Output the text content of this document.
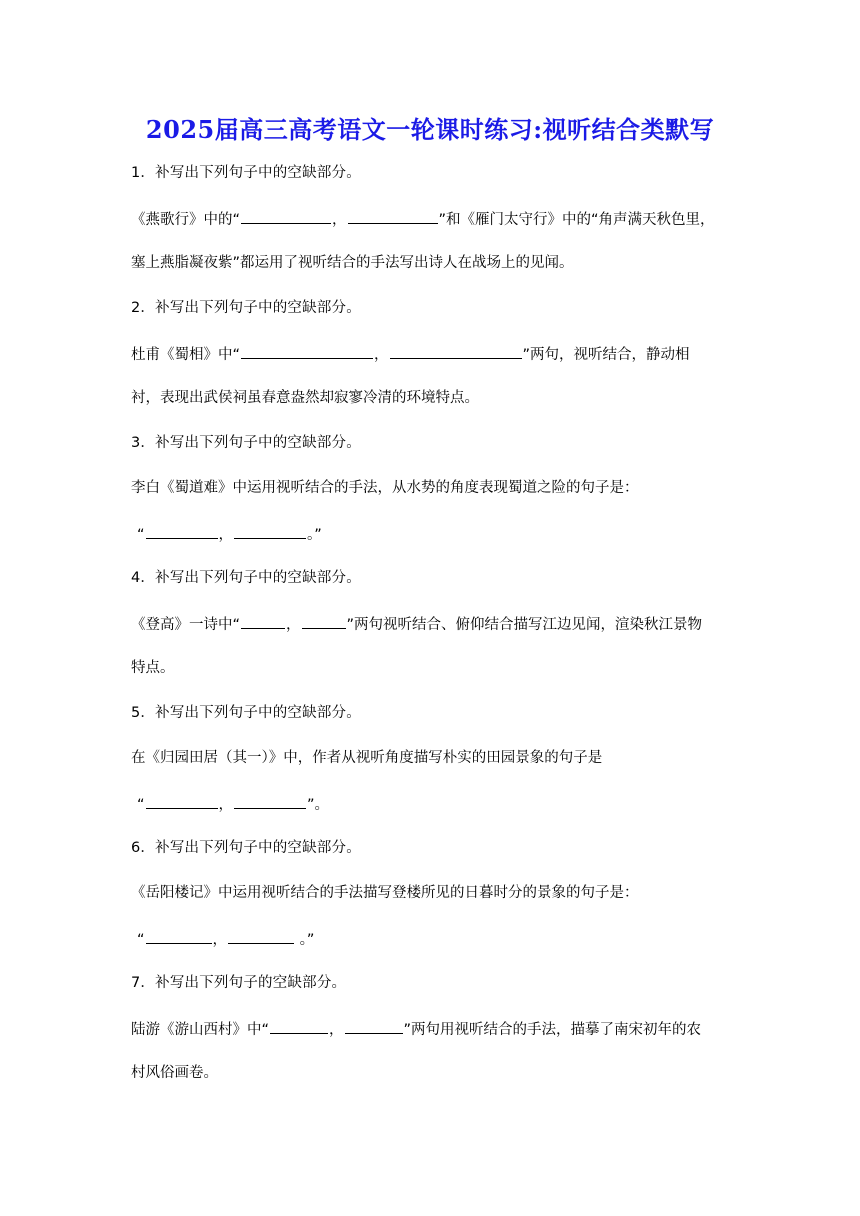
2025届高三高考语文一轮课时练习:视听结合类默写
1．补写出下列句子中的空缺部分。
《燕歌行》中的“	，	”和《雁门太守行》中的“角声满天秋色里，
塞上燕脂凝夜紫”都运用了视听结合的手法写出诗人在战场上的见闻。
2．补写出下列句子中的空缺部分。
杜甫《蜀相》中“	，	”两句，视听结合，静动相
衬，表现出武侯祠虽春意盎然却寂寥冷清的环境特点。
3．补写出下列句子中的空缺部分。
李白《蜀道难》中运用视听结合的手法，从水势的角度表现蜀道之险的句子是：
“	，	。”
4．补写出下列句子中的空缺部分。
《登高》一诗中“	，	”两句视听结合、俯仰结合描写江边见闻，渲染秋江景物
特点。
5．补写出下列句子中的空缺部分。
在《归园田居（其一）》中，作者从视听角度描写朴实的田园景象的句子是
“	，	”。
6．补写出下列句子中的空缺部分。
《岳阳楼记》中运用视听结合的手法描写登楼所见的日暮时分的景象的句子是：
“	，	。”
7．补写出下列句子的空缺部分。
陆游《游山西村》中“	，	”两句用视听结合的手法，描摹了南宋初年的农
村风俗画卷。
